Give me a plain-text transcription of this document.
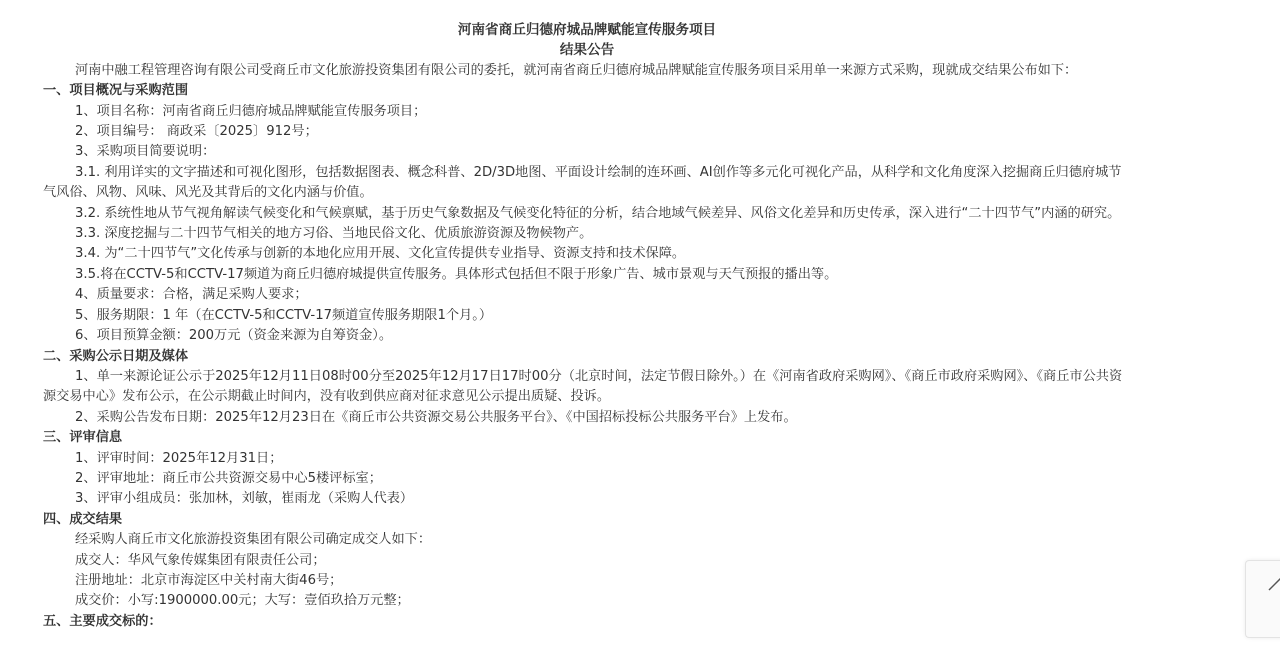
河南省商丘归德府城品牌赋能宣传服务项目
结果公告
河南中融工程管理咨询有限公司受商丘市文化旅游投资集团有限公司的委托，就河南省商丘归德府城品牌赋能宣传服务项目采用单一来源方式采购，现就成交结果公布如下：
一、项目概况与采购范围
1、项目名称：河南省商丘归德府城品牌赋能宣传服务项目；
2、项目编号： 商政采〔2025〕912号；
3、采购项目简要说明：
3.1. 利用详实的文字描述和可视化图形，包括数据图表、概念科普、2D/3D地图、平面设计绘制的连环画、AI创作等多元化可视化产品，从科学和文化角度深入挖掘商丘归德府城节气风俗、风物、风味、风光及其背后的文化内涵与价值。
3.2. 系统性地从节气视角解读气候变化和气候禀赋，基于历史气象数据及气候变化特征的分析，结合地域气候差异、风俗文化差异和历史传承，深入进行“二十四节气”内涵的研究。
3.3. 深度挖掘与二十四节气相关的地方习俗、当地民俗文化、优质旅游资源及物候物产。
3.4. 为“二十四节气”文化传承与创新的本地化应用开展、文化宣传提供专业指导、资源支持和技术保障。
3.5.将在CCTV-5和CCTV-17频道为商丘归德府城提供宣传服务。具体形式包括但不限于形象广告、城市景观与天气预报的播出等。
4、质量要求：合格，满足采购人要求；
5、服务期限：1 年（在CCTV-5和CCTV-17频道宣传服务期限1个月。）
6、项目预算金额：200万元（资金来源为自筹资金）。
二、采购公示日期及媒体
1、单一来源论证公示于2025年12月11日08时00分至2025年12月17日17时00分（北京时间，法定节假日除外。）在《河南省政府采购网》、《商丘市政府采购网》、《商丘市公共资源交易中心》发布公示，在公示期截止时间内，没有收到供应商对征求意见公示提出质疑、投诉。
2、采购公告发布日期：2025年12月23日在《商丘市公共资源交易公共服务平台》、《中国招标投标公共服务平台》上发布。
三、评审信息
1、评审时间：2025年12月31日；
2、评审地址：商丘市公共资源交易中心5楼评标室；
3、评审小组成员：张加林，刘敏，崔雨龙（采购人代表）
四、成交结果
经采购人商丘市文化旅游投资集团有限公司确定成交人如下：
成交人：华风气象传媒集团有限责任公司；
注册地址：北京市海淀区中关村南大街46号；
成交价：小写:1900000.00元；大写：壹佰玖拾万元整；
五、主要成交标的：
